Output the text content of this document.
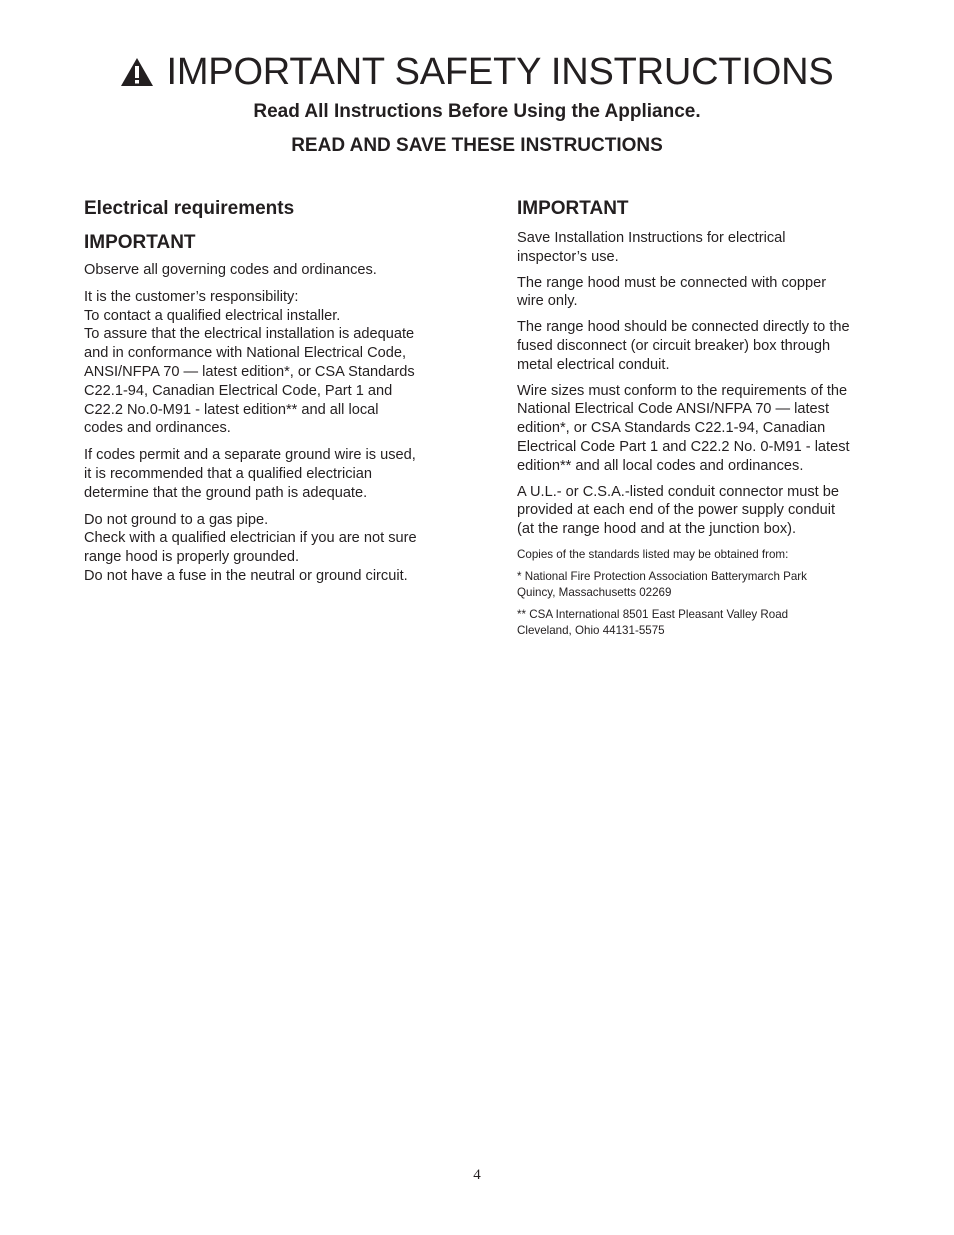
IMPORTANT SAFETY INSTRUCTIONS

Read All Instructions Before Using the Appliance.

READ AND SAVE THESE INSTRUCTIONS

Electrical requirements
IMPORTANT

Observe all governing codes and ordinances.

It is the customer’s responsibility:
To contact a qualified electrical installer.
To assure that the electrical installation is adequate
and in conformance with National Electrical Code,
ANSI/NFPA 70 — latest edition*, or CSA Standards
C22.1-94, Canadian Electrical Code, Part 1 and
C22.2 No.0-M91 - latest edition** and all local
codes and ordinances.

If codes permit and a separate ground wire is used,
it is recommended that a qualified electrician
determine that the ground path is adequate.

Do not ground to a gas pipe.
Check with a qualified electrician if you are not sure
range hood is properly grounded.
Do not have a fuse in the neutral or ground circuit.

IMPORTANT

Save Installation Instructions for electrical
inspector’s use.

The range hood must be connected with copper
wire only.

The range hood should be connected directly to the
fused disconnect (or circuit breaker) box through
metal electrical conduit.

Wire sizes must conform to the requirements of the
National Electrical Code ANSI/NFPA 70 — latest
edition*, or CSA Standards C22.1-94, Canadian
Electrical Code Part 1 and C22.2 No. 0-M91 - latest
edition** and all local codes and ordinances.

A U.L.- or C.S.A.-listed conduit connector must be
provided at each end of the power supply conduit
(at the range hood and at the junction box).

Copies of the standards listed may be obtained from:

* National Fire Protection Association Batterymarch Park
Quincy, Massachusetts 02269

** CSA International 8501 East Pleasant Valley Road
Cleveland, Ohio 44131-5575

4
